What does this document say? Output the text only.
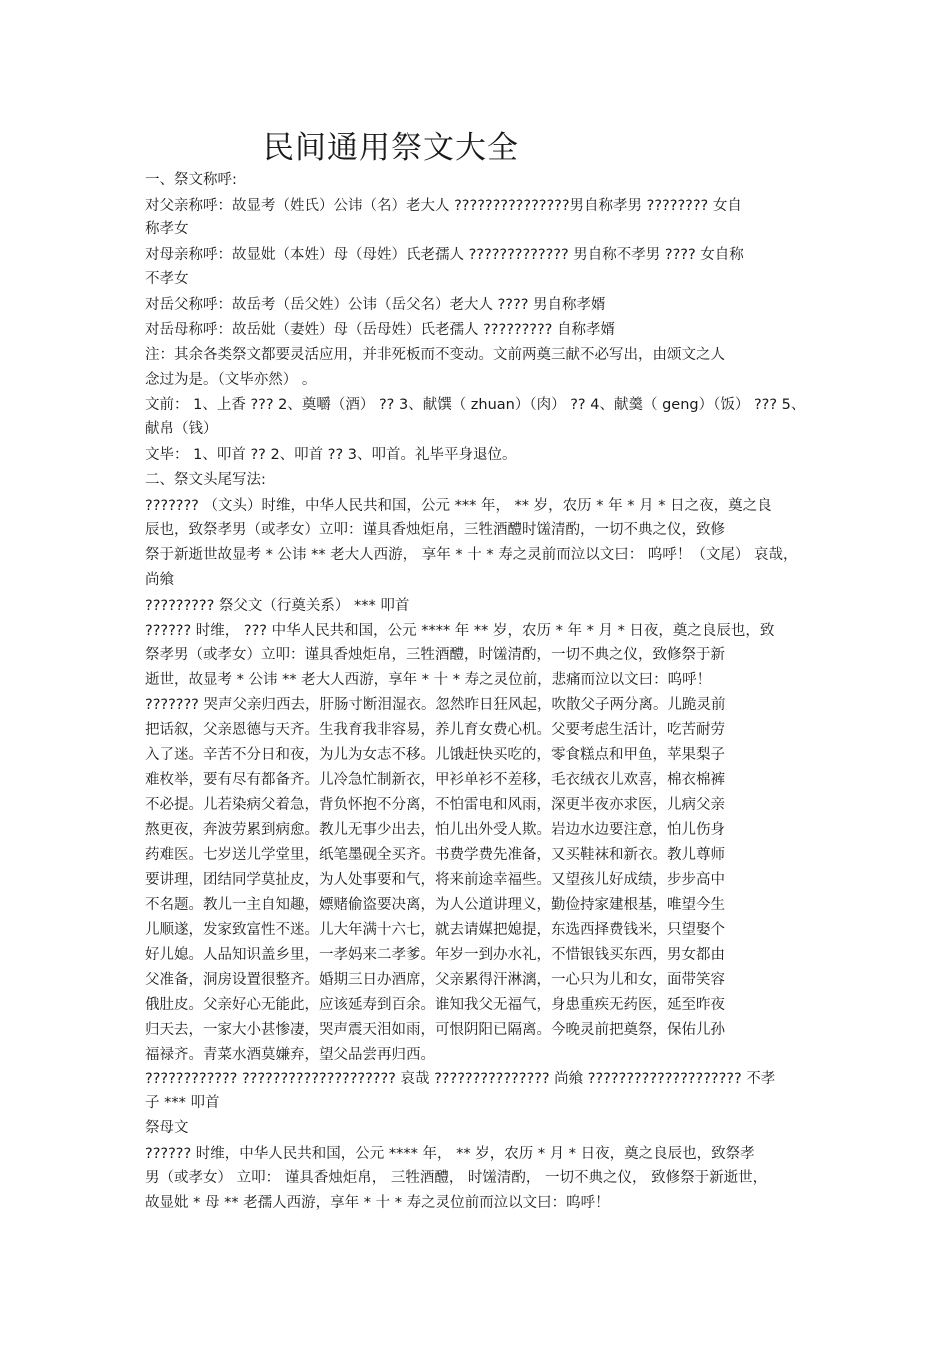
民间通用祭文大全
一、祭文称呼:
对父亲称呼：故显考（姓氏）公讳（名）老大人 ???????????????男自称孝男 ???????? 女自
称孝女
对母亲称呼：故显妣（本姓）母（母姓）氏老孺人 ????????????? 男自称不孝男 ???? 女自称
不孝女
对岳父称呼：故岳考（岳父姓）公讳（岳父名）老大人 ???? 男自称孝婿
对岳母称呼：故岳妣（妻姓）母（岳母姓）氏老孺人 ????????? 自称孝婿
注：其余各类祭文都要灵活应用，并非死板而不变动。文前两奠三献不必写出，由颂文之人
念过为是。（文毕亦然） 。
文前： 1、上香 ??? 2、奠嚼（酒） ?? 3、献馔（ zhuan）（肉） ?? 4、献羹（ geng）（饭） ??? 5、
献帛（钱）
文毕： 1、叩首 ?? 2、叩首 ?? 3、叩首。礼毕平身退位。
二、祭文头尾写法:
??????? （文头）时维，中华人民共和国，公元 *** 年， ** 岁，农历 * 年 * 月 * 日之夜，奠之良
辰也，致祭孝男（或孝女）立叩：谨具香烛炬帛，三牲酒醴时馐清酌，一切不典之仪，致修
祭于新逝世故显考 * 公讳 ** 老大人西游， 享年 * 十 * 寿之灵前而泣以文曰： 呜呼！（文尾） 哀哉，
尚飨
????????? 祭父文（行奠关系） *** 叩首
?????? 时维， ??? 中华人民共和国，公元 **** 年 ** 岁，农历 * 年 * 月 * 日夜，奠之良辰也，致
祭孝男（或孝女）立叩：谨具香烛炬帛，三牲酒醴，时馐清酌，一切不典之仪，致修祭于新
逝世，故显考 * 公讳 ** 老大人西游，享年 * 十 * 寿之灵位前，悲痛而泣以文曰：呜呼！
??????? 哭声父亲归西去，肝肠寸断泪湿衣。忽然昨日狂风起，吹散父子两分离。儿跪灵前
把话叙，父亲恩德与天齐。生我育我非容易，养儿育女费心机。父要考虑生活计，吃苦耐劳
入了迷。辛苦不分日和夜，为儿为女志不移。儿饿赶快买吃的，零食糕点和甲鱼，苹果梨子
难枚举，要有尽有都备齐。儿冷急忙制新衣，甲衫单衫不差移，毛衣绒衣儿欢喜，棉衣棉裤
不必提。儿若染病父着急，背负怀抱不分离，不怕雷电和风雨，深更半夜亦求医，儿病父亲
熬更夜，奔波劳累到病愈。教儿无事少出去，怕儿出外受人欺。岩边水边要注意，怕儿伤身
药难医。七岁送儿学堂里，纸笔墨砚全买齐。书费学费先准备，又买鞋袜和新衣。教儿尊师
要讲理，团结同学莫扯皮，为人处事要和气，将来前途幸福些。又望孩儿好成绩，步步高中
不名题。教儿一主自知趣，嫖赌偷盗要决离，为人公道讲理义，勤俭持家建根基，唯望今生
儿顺遂，发家致富性不迷。儿大年满十六七，就去请媒把媳提，东选西择费钱米，只望娶个
好儿媳。人品知识盖乡里，一孝妈来二孝爹。年岁一到办水礼，不惜银钱买东西，男女都由
父准备，洞房设置很整齐。婚期三日办酒席，父亲累得汗淋漓，一心只为儿和女，面带笑容
俄肚皮。父亲好心无能此，应该延寿到百余。谁知我父无福气，身患重疾无药医，延至昨夜
归天去，一家大小甚惨凄，哭声震天泪如雨，可恨阴阳已隔离。今晚灵前把奠祭，保佑儿孙
福禄齐。青菜水酒莫嫌弃，望父品尝再归西。
???????????? ???????????????????? 哀哉 ??????????????? 尚飨 ???????????????????? 不孝
子 *** 叩首
祭母文
?????? 时维，中华人民共和国，公元 **** 年， ** 岁，农历 * 月 * 日夜，奠之良辰也，致祭孝
男（或孝女） 立叩： 谨具香烛炬帛， 三牲酒醴， 时馐清酌， 一切不典之仪， 致修祭于新逝世，
故显妣 * 母 ** 老孺人西游，享年 * 十 * 寿之灵位前而泣以文曰：呜呼！
